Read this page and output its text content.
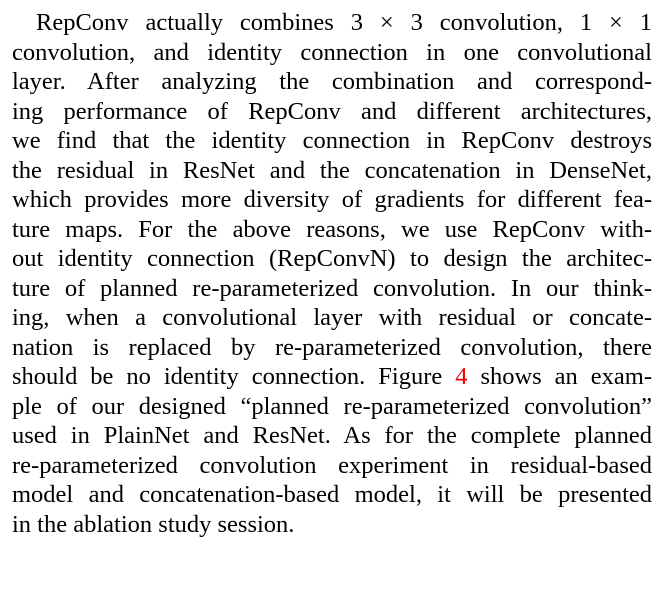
RepConv actually combines 3 × 3 convolution, 1 × 1
convolution, and identity connection in one convolutional
layer. After analyzing the combination and correspond-
ing performance of RepConv and different architectures,
we find that the identity connection in RepConv destroys
the residual in ResNet and the concatenation in DenseNet,
which provides more diversity of gradients for different fea-
ture maps. For the above reasons, we use RepConv with-
out identity connection (RepConvN) to design the architec-
ture of planned re-parameterized convolution. In our think-
ing, when a convolutional layer with residual or concate-
nation is replaced by re-parameterized convolution, there
should be no identity connection. Figure 4 shows an exam-
ple of our designed “planned re-parameterized convolution”
used in PlainNet and ResNet. As for the complete planned
re-parameterized convolution experiment in residual-based
model and concatenation-based model, it will be presented
in the ablation study session.
